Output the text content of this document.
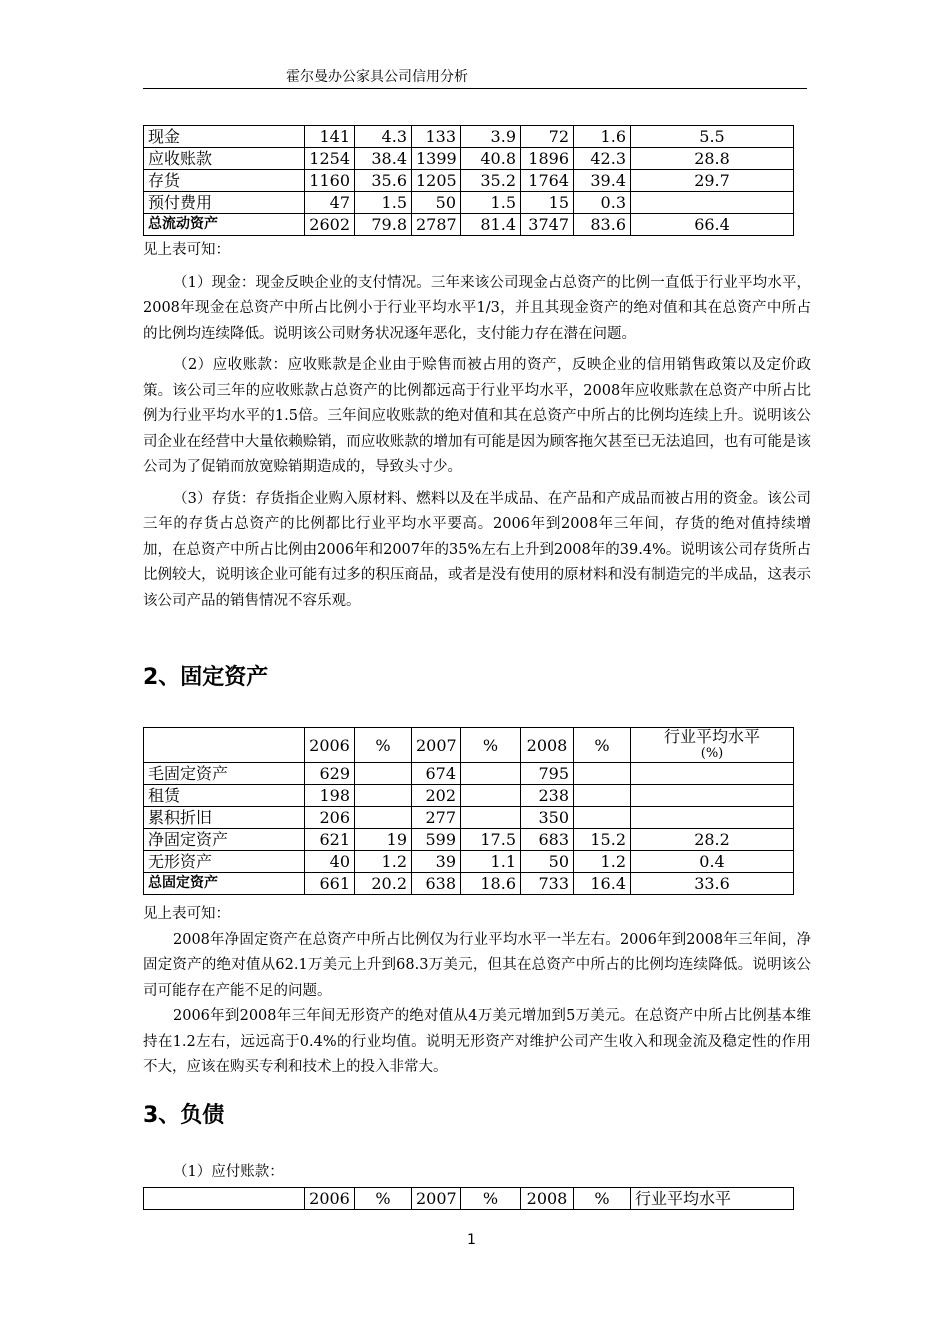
霍尔曼办公家具公司信用分析
现金	141	4.3	133	3.9	72	1.6	5.5
应收账款	1254	38.4	1399	40.8	1896	42.3	28.8
存货	1160	35.6	1205	35.2	1764	39.4	29.7
预付费用	47	1.5	50	1.5	15	0.3	
总流动资产	2602	79.8	2787	81.4	3747	83.6	66.4

见上表可知：

（1）现金：现金反映企业的支付情况。三年来该公司现金占总资产的比例一直低于行业平均水平，2008年现金在总资产中所占比例小于行业平均水平1/3，并且其现金资产的绝对值和其在总资产中所占的比例均连续降低。说明该公司财务状况逐年恶化，支付能力存在潜在问题。

（2）应收账款：应收账款是企业由于赊售而被占用的资产，反映企业的信用销售政策以及定价政策。该公司三年的应收账款占总资产的比例都远高于行业平均水平，2008年应收账款在总资产中所占比例为行业平均水平的1.5倍。三年间应收账款的绝对值和其在总资产中所占的比例均连续上升。说明该公司企业在经营中大量依赖赊销，而应收账款的增加有可能是因为顾客拖欠甚至已无法追回，也有可能是该公司为了促销而放宽赊销期造成的，导致头寸少。

（3）存货：存货指企业购入原材料、燃料以及在半成品、在产品和产成品而被占用的资金。该公司三年的存货占总资产的比例都比行业平均水平要高。2006年到2008年三年间，存货的绝对值持续增加，在总资产中所占比例由2006年和2007年的35%左右上升到2008年的39.4%。说明该公司存货所占比例较大，说明该企业可能有过多的积压商品，或者是没有使用的原材料和没有制造完的半成品，这表示该公司产品的销售情况不容乐观。

2、固定资产
	2006	%	2007	%	2008	%	行业平均水平
(%)

毛固定资产	629		674		795		
租赁	198		202		238		
累积折旧	206		277		350		
净固定资产	621	19	599	17.5	683	15.2	28.2
无形资产	40	1.2	39	1.1	50	1.2	0.4
总固定资产	661	20.2	638	18.6	733	16.4	33.6

见上表可知：

2008年净固定资产在总资产中所占比例仅为行业平均水平一半左右。2006年到2008年三年间，净固定资产的绝对值从62.1万美元上升到68.3万美元，但其在总资产中所占的比例均连续降低。说明该公司可能存在产能不足的问题。

2006年到2008年三年间无形资产的绝对值从4万美元增加到5万美元。在总资产中所占比例基本维持在1.2左右，远远高于0.4%的行业均值。说明无形资产对维护公司产生收入和现金流及稳定性的作用不大，应该在购买专利和技术上的投入非常大。

3、负债
（1）应付账款：
	2006	%	2007	%	2008	%	行业平均水平
1
